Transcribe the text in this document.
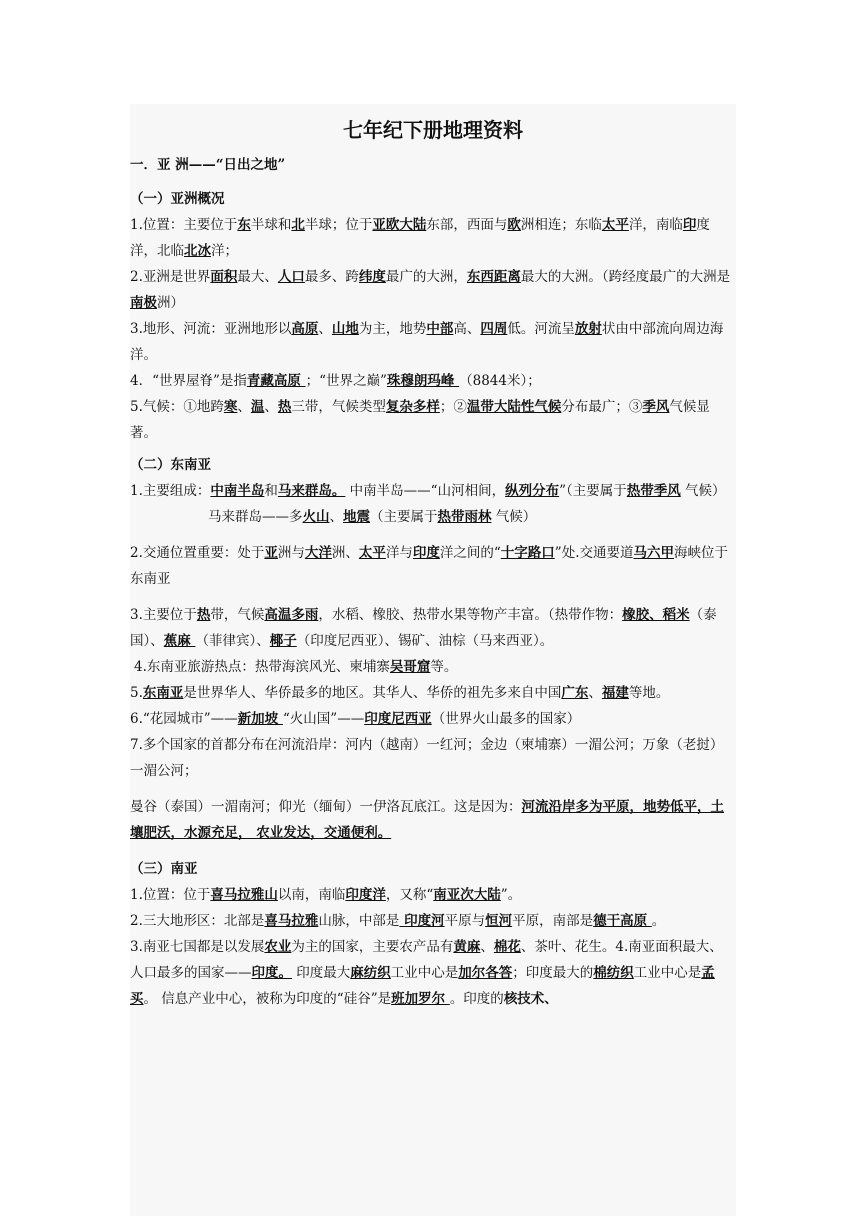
七年纪下册地理资料
一．亚 洲——“日出之地”
（一）亚洲概况
1.位置：主要位于东半球和北半球；位于亚欧大陆东部，西面与欧洲相连；东临太平洋，南临印度洋，北临北冰洋；
2.亚洲是世界面积最大、人口最多、跨纬度最广的大洲，东西距离最大的大洲。（跨经度最广的大洲是南极洲）
3.地形、河流：亚洲地形以高原、山地为主，地势中部高、四周低。河流呈放射状由中部流向周边海洋。
4．“世界屋脊”是指青藏高原 ；“世界之巅”珠穆朗玛峰 （8844米）；
5.气候：①地跨寒、温、热三带，气候类型复杂多样；②温带大陆性气候分布最广；③季风气候显著。
（二）东南亚
1.主要组成：中南半岛和马来群岛。 中南半岛——“山河相间，纵列分布”（主要属于热带季风 气候）
马来群岛——多火山、地震（主要属于热带雨林 气候）
2.交通位置重要：处于亚洲与大洋洲、太平洋与印度洋之间的“十字路口”处.交通要道马六甲海峡位于东南亚
3.主要位于热带，气候高温多雨，水稻、橡胶、热带水果等物产丰富。（热带作物：橡胶、稻米（泰国）、蕉麻 （菲律宾）、椰子（印度尼西亚）、锡矿、油棕（马来西亚）。
4.东南亚旅游热点：热带海滨风光、柬埔寨吴哥窟等。
5.东南亚是世界华人、华侨最多的地区。其华人、华侨的祖先多来自中国广东、福建等地。
6.“花园城市”——新加坡 “火山国”——印度尼西亚（世界火山最多的国家）
7.多个国家的首都分布在河流沿岸：河内（越南）一红河；金边（柬埔寨）一湄公河；万象（老挝）一湄公河；
曼谷（泰国）一湄南河；仰光（缅甸）一伊洛瓦底江。这是因为：河流沿岸多为平原，地势低平，土壤肥沃，水源充足， 农业发达，交通便利。
（三）南亚
1.位置：位于喜马拉雅山以南，南临印度洋，又称“南亚次大陆”。
2.三大地形区：北部是喜马拉雅山脉，中部是 印度河平原与恒河平原，南部是德干高原 。
3.南亚七国都是以发展农业为主的国家，主要农产品有黄麻、棉花、茶叶、花生。4.南亚面积最大、人口最多的国家——印度。 印度最大麻纺织工业中心是加尔各答；印度最大的棉纺织工业中心是孟买。 信息产业中心，被称为印度的“硅谷”是班加罗尔 。印度的核技术、
